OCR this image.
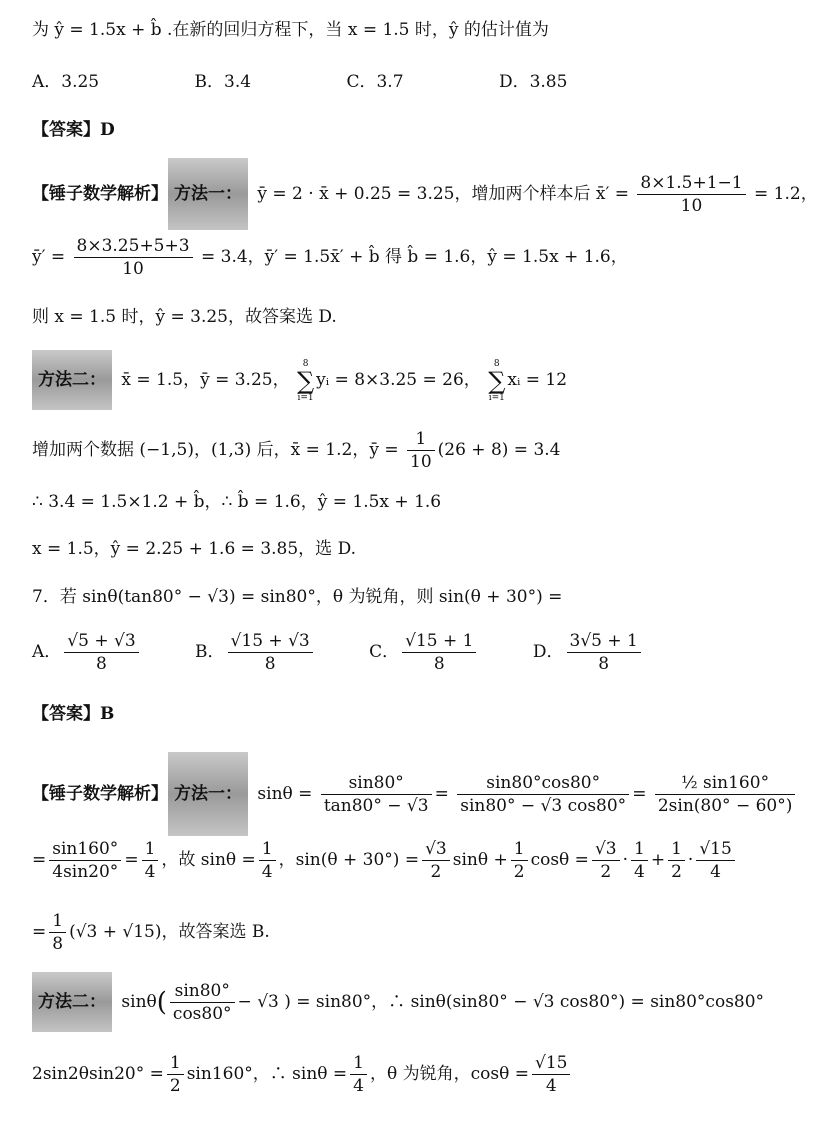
为 ŷ = 1.5x + b̂ .在新的回归方程下，当 x = 1.5 时，ŷ 的估计值为
A．3.25	B．3.4	C．3.7	D．3.85
【答案】D
【锤子数学解析】 方法一： ȳ = 2 · x̄ + 0.25 = 3.25，增加两个样本后 x̄′ = $\frac{8\times 1.5+1-1}{10} = 1.2$，
ȳ′ = $\frac{8\times 3.25+5+3}{10} = 3.4$，ȳ′ = 1.5x̄′ + b̂ 得 b̂ = 1.6，ŷ = 1.5x + 1.6，
则 x = 1.5 时，ŷ = 3.25，故答案选 D.
方法二： x̄ = 1.5，ȳ = 3.25，
8
∑
i=1
yᵢ = 8×3.25 = 26，
8
∑
i=1
xᵢ = 12
增加两个数据 (−1,5)，(1,3) 后，x̄ = 1.2，ȳ = $\frac{1}{10} (26 + 8) = 3.4$
∴ 3.4 = 1.5×1.2 + b̂，∴ b̂ = 1.6，ŷ = 1.5x + 1.6
x = 1.5，ŷ = 2.25 + 1.6 = 3.85，选 D.
7．若 sinθ(tan80° − √3) = sin80°，θ 为锐角，则 sin(θ + 30°) =
A． $\frac{√5 + √3}{8}$	B． $\frac{√15 + √3}{8}$	C． $\frac{√15 + 1}{8}$	D． $\frac{3√5 + 1}{8}$
【答案】B
【锤子数学解析】 方法一： $\sin\theta = \frac{\sin 80^\circ}{\tan 80^\circ - √3} = \frac{\sin 80^\circ\cos 80^\circ}{\sin 80^\circ - √3 \cos 80^\circ} = \frac{\text{½ sin160°}}{2\sin(80^\circ - 60^\circ)}$
= $\frac{\sin 160^\circ}{4\sin 20^\circ} = \frac{1}{4}$ ，故 $\sin\theta = \frac{1}{4}$ ，$\sin(\theta + 30^\circ) = \frac{√3}{2}$ $\sin\theta + \frac{1}{2}$ $\cos\theta = \frac{√3}{2} \cdot \frac{1}{4} + \frac{1}{2} \cdot \frac{√15}{4}$
= $\frac{1}{8} (√3 + √15)$，故答案选 B.
方法二： $\sin\theta( \frac{\sin 80^\circ}{\cos 80^\circ} - √3$ ) = sin80°，∴ sinθ(sin80° − √3 cos80°) = sin80°cos80°
$2\sin 2\theta\sin 20^\circ = \frac{1}{2} \sin 160^\circ$，∴ $\sin\theta = \frac{1}{4}$ ，θ 为锐角，$\cos\theta = \frac{√15}{4}$
